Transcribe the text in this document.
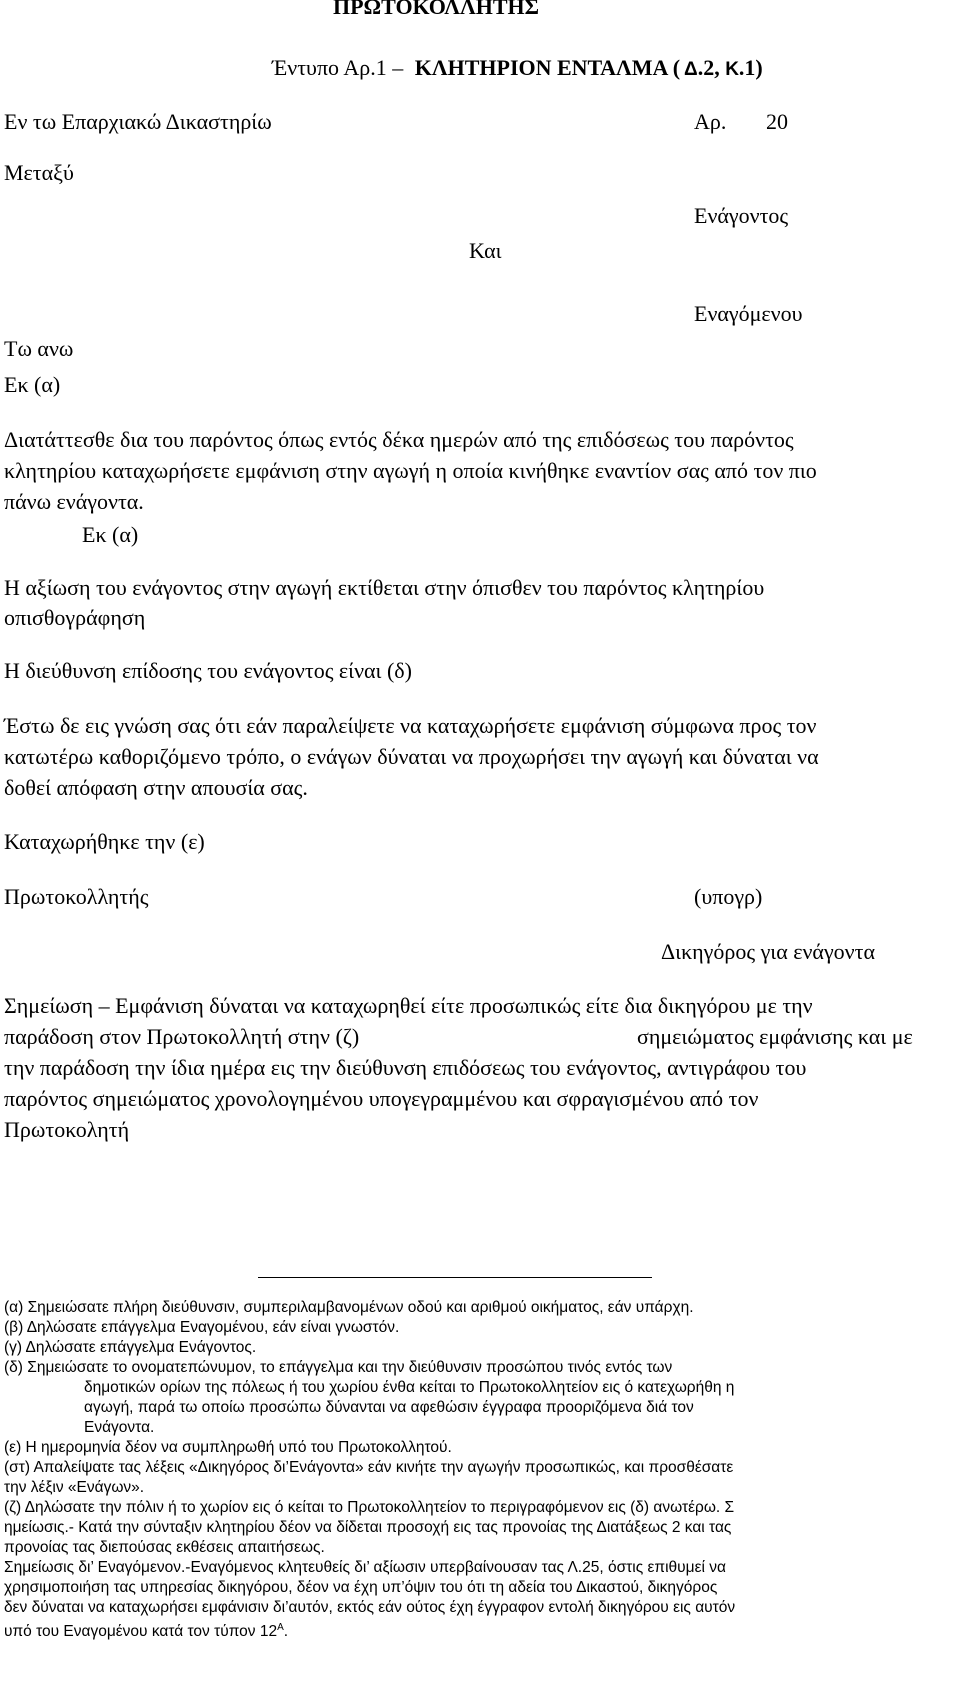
ΠΡΩΤΟΚΟΛΛΗΤΗΣ
Έντυπο Αρ.1 – ΚΛΗΤΗΡΙΟΝ ΕΝΤΑΛΜΑ ( Δ.2, Κ.1)
Εν τω Επαρχιακώ Δικαστηρίω	Αρ. 20
Μεταξύ
Ενάγοντος
Και
Εναγόμενου
Τω ανω
Εκ (α)
Διατάττεσθε δια του παρόντος όπως εντός δέκα ημερών από της επιδόσεως του παρόντος
κλητηρίου καταχωρήσετε εμφάνιση στην αγωγή η οποία κινήθηκε εναντίον σας από τον πιο
πάνω ενάγοντα.
Εκ (α)
Η αξίωση του ενάγοντος στην αγωγή εκτίθεται στην όπισθεν του παρόντος κλητηρίου
οπισθογράφηση
Η διεύθυνση επίδοσης του ενάγοντος είναι (δ)
Έστω δε εις γνώση σας ότι εάν παραλείψετε να καταχωρήσετε εμφάνιση σύμφωνα προς τον
κατωτέρω καθοριζόμενο τρόπο, ο ενάγων δύναται να προχωρήσει την αγωγή και δύναται να
δοθεί απόφαση στην απουσία σας.
Καταχωρήθηκε την (ε)
Πρωτοκολλητής	(υπογρ)
Δικηγόρος για ενάγοντα
Σημείωση – Εμφάνιση δύναται να καταχωρηθεί είτε προσωπικώς είτε δια δικηγόρου με την
παράδοση στον Πρωτοκολλητή στην (ζ)	σημειώματος εμφάνισης και με
την παράδοση την ίδια ημέρα εις την διεύθυνση επιδόσεως του ενάγοντος, αντιγράφου του
παρόντος σημειώματος χρονολογημένου υπογεγραμμένου και σφραγισμένου από τον
Πρωτοκολητή
(α) Σημειώσατε πλήρη διεύθυνσιν, συμπεριλαμβανομένων οδού και αριθμού οικήματος, εάν υπάρχη.
(β) Δηλώσατε επάγγελμα Εναγομένου, εάν είναι γνωστόν.
(γ) Δηλώσατε επάγγελμα Ενάγοντος.
(δ) Σημειώσατε το ονοματεπώνυμον, το επάγγελμα και την διεύθυνσιν προσώπου τινός εντός των
δημοτικών ορίων της πόλεως ή του χωρίου ένθα κείται το Πρωτοκολλητείον εις ό κατεχωρήθη η
αγωγή, παρά τω οποίω προσώπω δύνανται να αφεθώσιν έγγραφα προοριζόμενα διά τον
Ενάγοντα.
(ε) Η ημερομηνία δέον να συμπληρωθή υπό του Πρωτοκολλητού.
(στ) Απαλείψατε τας λέξεις «Δικηγόρος δι’Ενάγοντα» εάν κινήτε την αγωγήν προσωπικώς, και προσθέσατε
την λέξιν «Ενάγων».
(ζ) Δηλώσατε την πόλιν ή το χωρίον εις ό κείται το Πρωτοκολλητείον το περιγραφόμενον εις (δ) ανωτέρω. Σ
ημείωσις.- Κατά την σύνταξιν κλητηρίου δέον να δίδεται προσοχή εις τας προνοίας της Διατάξεως 2 και τας
προνοίας τας διεπούσας εκθέσεις απαιτήσεως.
Σημείωσις δι’ Εναγόμενον.-Εναγόμενος κλητευθείς δι’ αξίωσιν υπερβαίνουσαν τας Λ.25, όστις επιθυμεί να
χρησιμοποιήση τας υπηρεσίας δικηγόρου, δέον να έχη υπ’όψιν του ότι τη αδεία του Δικαστού, δικηγόρος
δεν δύναται να καταχωρήσει εμφάνισιν δι’αυτόν, εκτός εάν ούτος έχη έγγραφον εντολή δικηγόρου εις αυτόν
υπό του Εναγομένου κατά τον τύπον $12^A$.
